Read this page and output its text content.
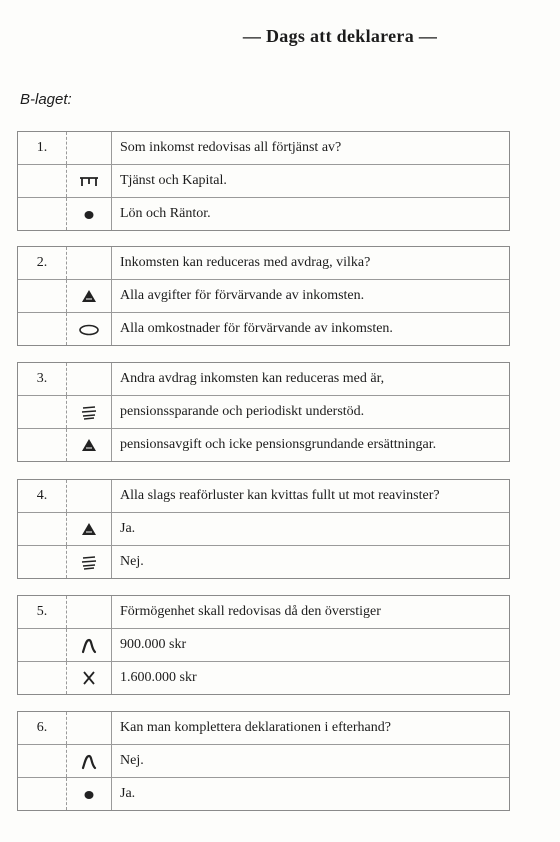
— Dags att deklarera —
B-laget:
1.	Som inkomst redovisas all förtjänst av?
Tjänst och Kapital.
Lön och Räntor.
2.	Inkomsten kan reduceras med avdrag, vilka?
Alla avgifter för förvärvande av inkomsten.
Alla omkostnader för förvärvande av inkomsten.
3.	Andra avdrag inkomsten kan reduceras med är,
pensionssparande och periodiskt understöd.
pensionsavgift och icke pensionsgrundande ersättningar.
4.	Alla slags reaförluster kan kvittas fullt ut mot reavinster?
Ja.
Nej.
5.	Förmögenhet skall redovisas då den överstiger
900.000 skr
1.600.000 skr
6.	Kan man komplettera deklarationen i efterhand?
Nej.
Ja.
